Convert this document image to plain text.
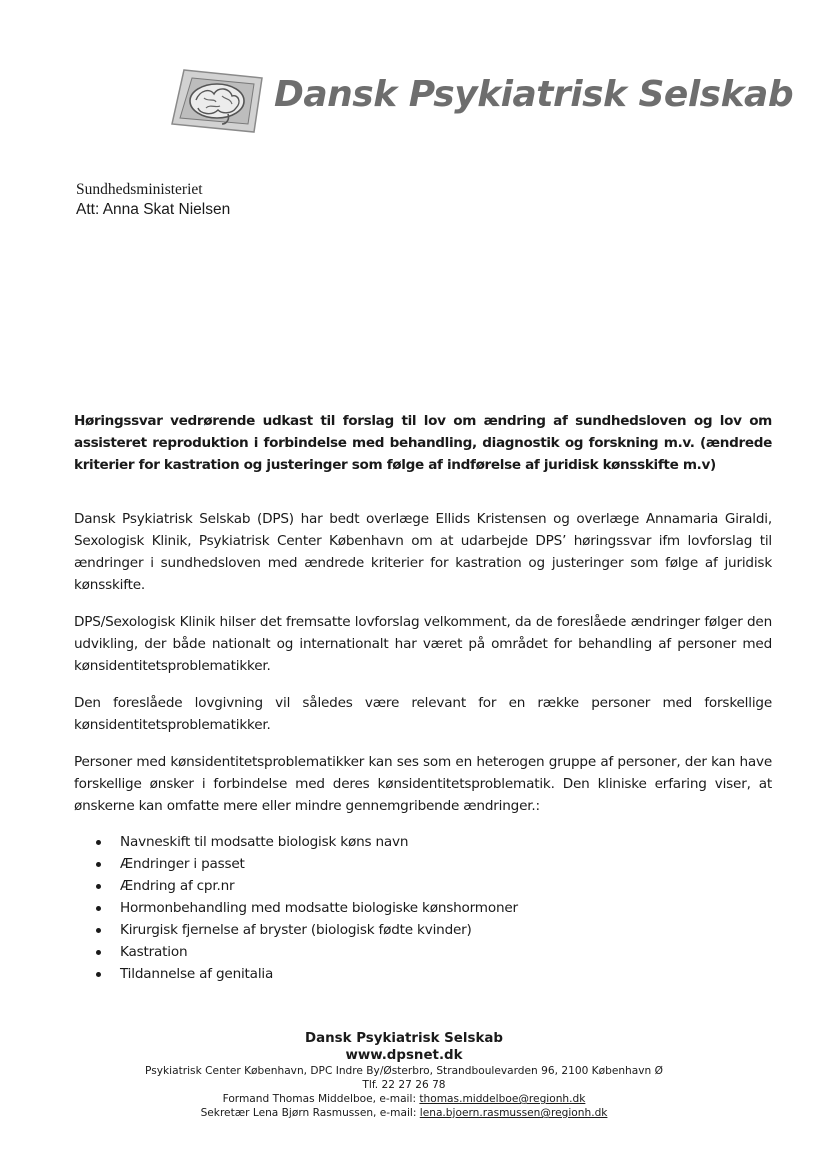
Dansk Psykiatrisk Selskab
Sundhedsministeriet
Att: Anna Skat Nielsen

Høringssvar vedrørende udkast til forslag til lov om ændring af sundhedsloven og lov om assisteret reproduktion i forbindelse med behandling, diagnostik og forskning m.v. (ændrede kriterier for kastration og justeringer som følge af indførelse af juridisk kønsskifte m.v)

Dansk Psykiatrisk Selskab (DPS) har bedt overlæge Ellids Kristensen og overlæge Annamaria Giraldi, Sexologisk Klinik, Psykiatrisk Center København om at udarbejde DPS’ høringssvar ifm lovforslag til ændringer i sundhedsloven med ændrede kriterier for kastration og justeringer som følge af juridisk kønsskifte.

DPS/Sexologisk Klinik hilser det fremsatte lovforslag velkomment, da de foreslåede ændringer følger den udvikling, der både nationalt og internationalt har været på området for behandling af personer med kønsidentitetsproblematikker.

Den foreslåede lovgivning vil således være relevant for en række personer med forskellige kønsidentitetsproblematikker.

Personer med kønsidentitetsproblematikker kan ses som en heterogen gruppe af personer, der kan have forskellige ønsker i forbindelse med deres kønsidentitetsproblematik. Den kliniske erfaring viser, at ønskerne kan omfatte mere eller mindre gennemgribende ændringer.:

Navneskift til modsatte biologisk køns navn
Ændringer i passet
Ændring af cpr.nr
Hormonbehandling med modsatte biologiske kønshormoner
Kirurgisk fjernelse af bryster (biologisk fødte kvinder)
Kastration
Tildannelse af genitalia
Dansk Psykiatrisk Selskab
www.dpsnet.dk
Psykiatrisk Center København, DPC Indre By/Østerbro, Strandboulevarden 96, 2100 København Ø
Tlf. 22 27 26 78
Formand Thomas Middelboe, e-mail: thomas.middelboe@regionh.dk
Sekretær Lena Bjørn Rasmussen, e-mail: lena.bjoern.rasmussen@regionh.dk
